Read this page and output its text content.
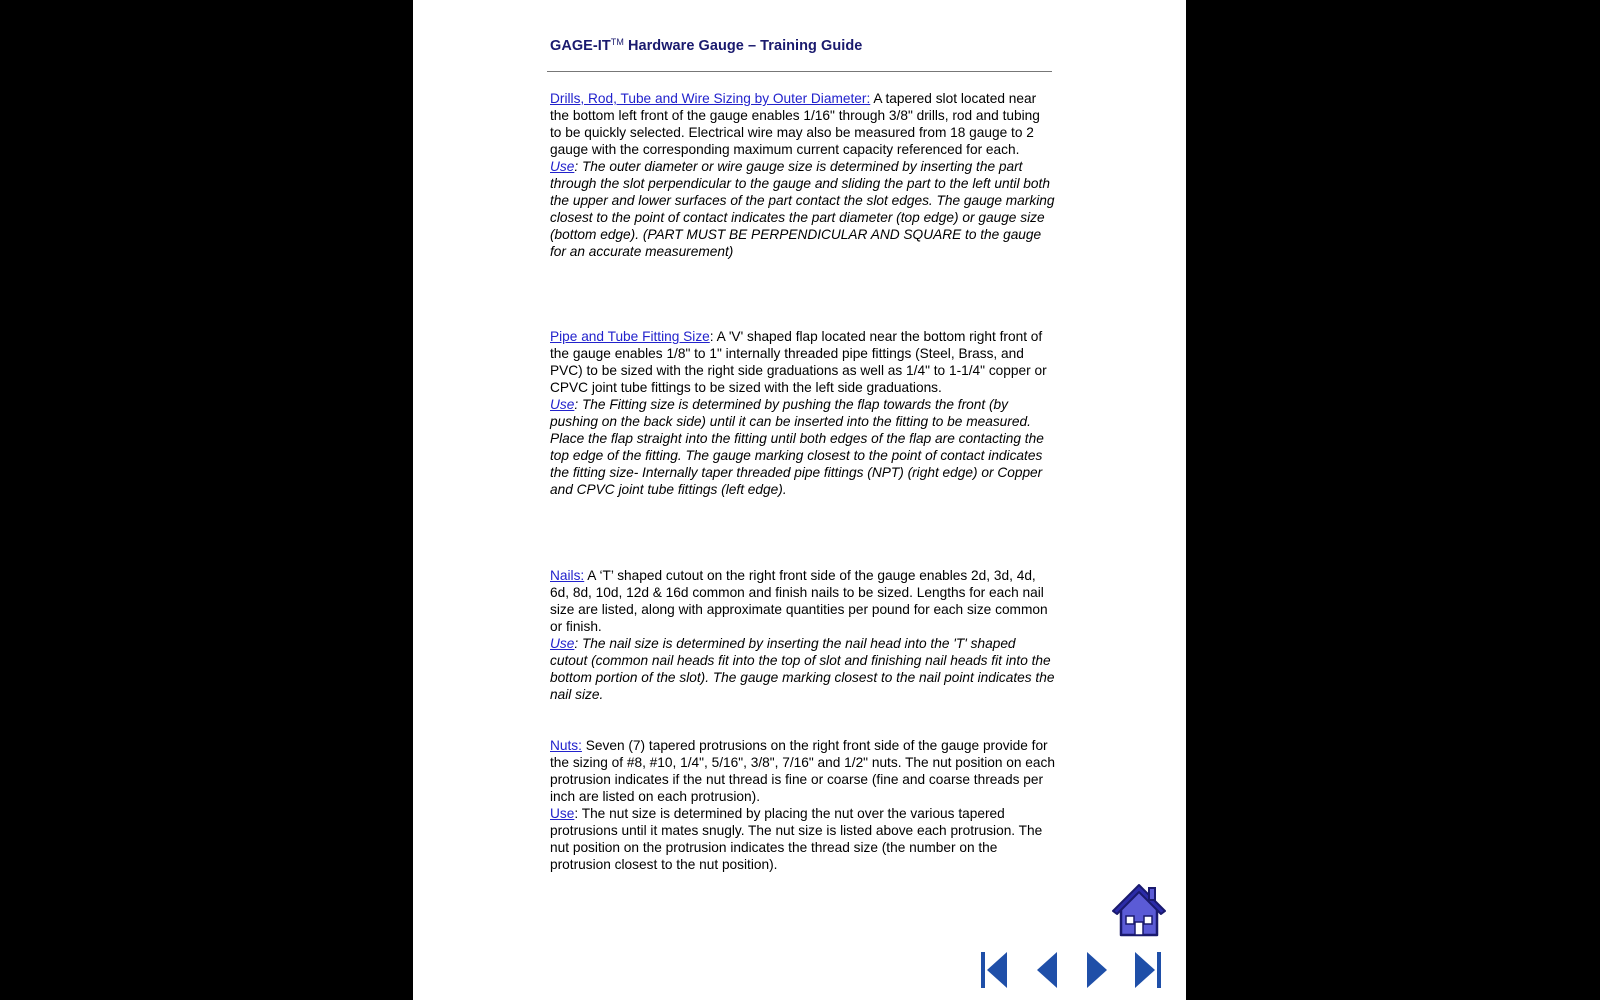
GAGE-IT™ Hardware Gauge – Training Guide

Drills, Rod, Tube and Wire Sizing by Outer Diameter: A tapered slot located near the bottom left front of the gauge enables 1/16" through 3/8" drills, rod and tubing to be quickly selected. Electrical wire may also be measured from 18 gauge to 2 gauge with the corresponding maximum current capacity referenced for each.

Use: The outer diameter or wire gauge size is determined by inserting the part through the slot perpendicular to the gauge and sliding the part to the left until both the upper and lower surfaces of the part contact the slot edges. The gauge marking closest to the point of contact indicates the part diameter (top edge) or gauge size (bottom edge). (PART MUST BE PERPENDICULAR AND SQUARE to the gauge for an accurate measurement)

Pipe and Tube Fitting Size: A 'V' shaped flap located near the bottom right front of the gauge enables 1/8" to 1" internally threaded pipe fittings (Steel, Brass, and PVC) to be sized with the right side graduations as well as 1/4" to 1-1/4" copper or CPVC joint tube fittings to be sized with the left side graduations.

Use: The Fitting size is determined by pushing the flap towards the front (by pushing on the back side) until it can be inserted into the fitting to be measured. Place the flap straight into the fitting until both edges of the flap are contacting the top edge of the fitting. The gauge marking closest to the point of contact indicates the fitting size- Internally taper threaded pipe fittings (NPT) (right edge) or Copper and CPVC joint tube fittings (left edge).

Nails: A ‘T’ shaped cutout on the right front side of the gauge enables 2d, 3d, 4d, 6d, 8d, 10d, 12d & 16d common and finish nails to be sized. Lengths for each nail size are listed, along with approximate quantities per pound for each size common or finish.

Use: The nail size is determined by inserting the nail head into the 'T' shaped cutout (common nail heads fit into the top of slot and finishing nail heads fit into the bottom portion of the slot). The gauge marking closest to the nail point indicates the nail size.

Nuts: Seven (7) tapered protrusions on the right front side of the gauge provide for the sizing of #8, #10, 1/4", 5/16", 3/8", 7/16" and 1/2" nuts. The nut position on each protrusion indicates if the nut thread is fine or coarse (fine and coarse threads per inch are listed on each protrusion).

Use: The nut size is determined by placing the nut over the various tapered protrusions until it mates snugly. The nut size is listed above each protrusion. The nut position on the protrusion indicates the thread size (the number on the protrusion closest to the nut position).
